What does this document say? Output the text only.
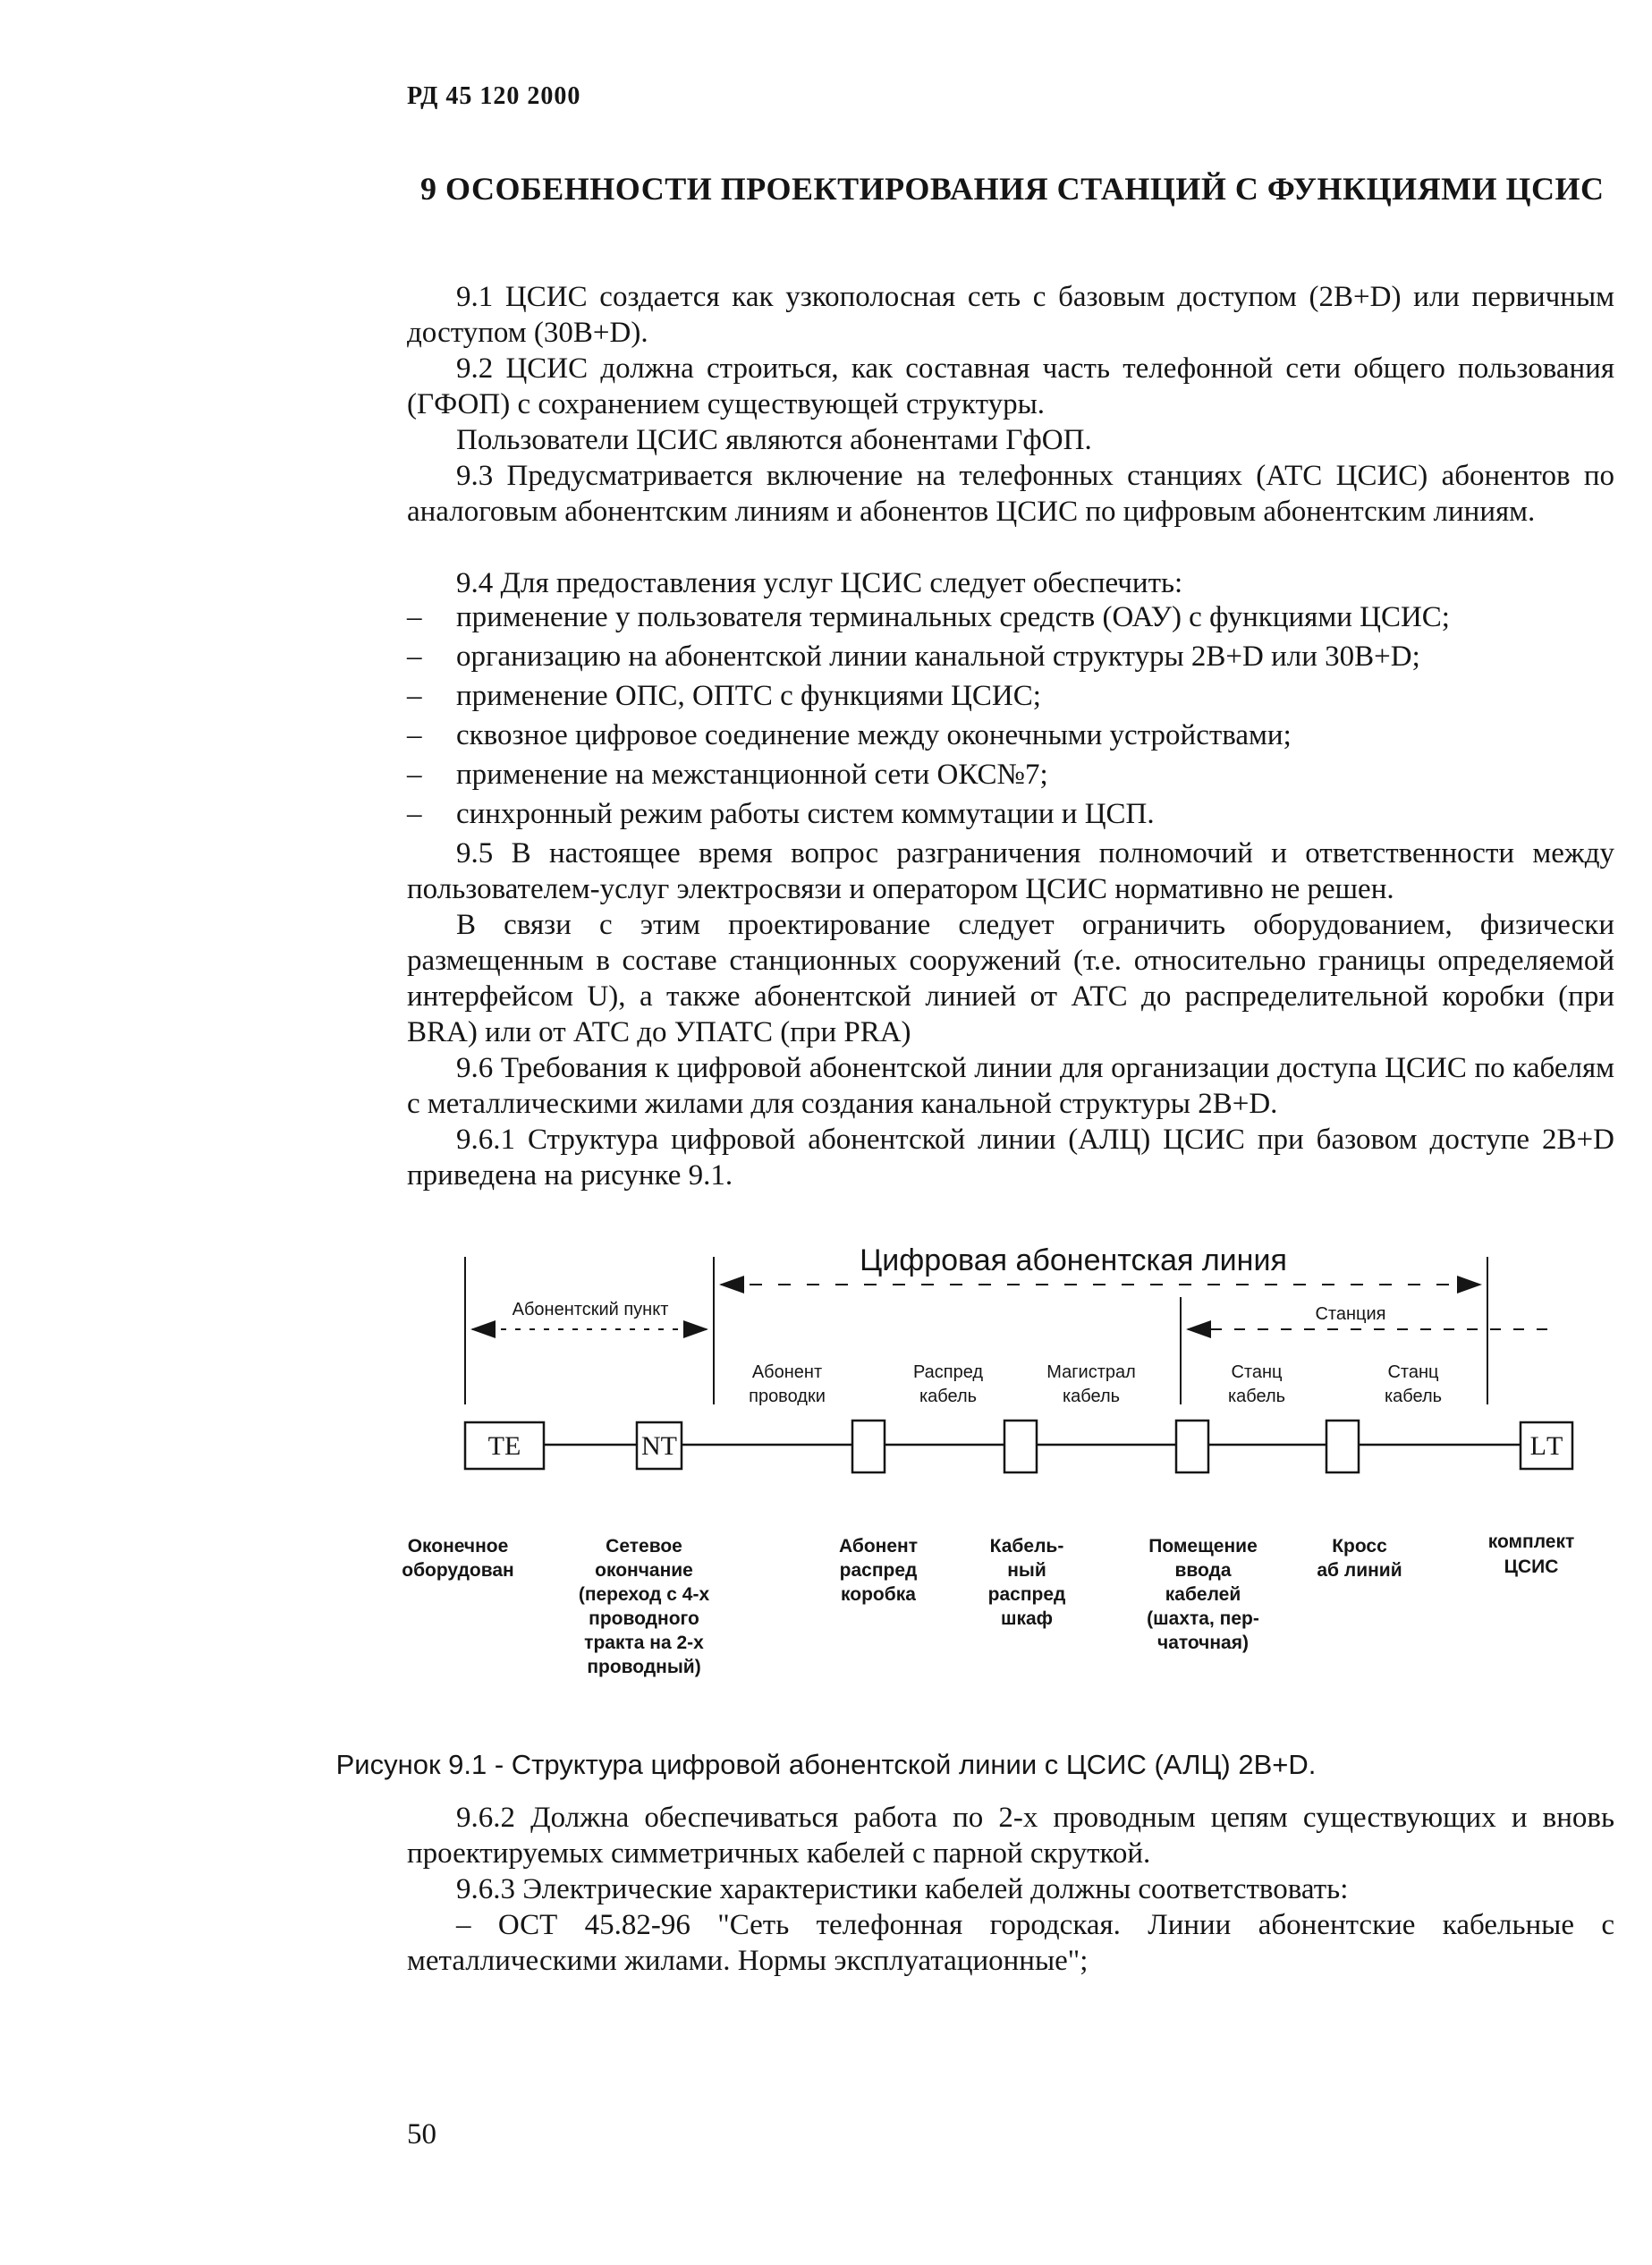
РД 45 120 2000
9 ОСОБЕННОСТИ ПРОЕКТИРОВАНИЯ СТАНЦИЙ С ФУНКЦИЯМИ ЦСИС
9.1 ЦСИС создается как узкополосная сеть с базовым доступом (2B+D) или первичным доступом (30B+D).
9.2 ЦСИС должна строиться, как составная часть телефонной сети общего пользования (ГФОП) с сохранением существующей структуры.
Пользователи ЦСИС являются абонентами ГфОП.
9.3 Предусматривается включение на телефонных станциях (АТС ЦСИС) абонентов по аналоговым абонентским линиям и абонентов ЦСИС по цифровым абонентским линиям.
9.4 Для предоставления услуг ЦСИС следует обеспечить:
– применение у пользователя терминальных средств (ОАУ) с функциями ЦСИС;
– организацию на абонентской линии канальной структуры 2B+D или 30B+D;
– применение ОПС, ОПТС с функциями ЦСИС;
– сквозное цифровое соединение между оконечными устройствами;
– применение на межстанционной сети ОКС№7;
– синхронный режим работы систем коммутации и ЦСП.
9.5 В настоящее время вопрос разграничения полномочий и ответственности между пользователем-услуг электросвязи и оператором ЦСИС нормативно не решен.
В связи с этим проектирование следует ограничить оборудованием, физически размещенным в составе станционных сооружений (т.е. относительно границы определяемой интерфейсом U), а также абонентской линией от АТС до распределительной коробки (при BRA) или от АТС до УПАТС (при PRA)
9.6 Требования к цифровой абонентской линии для организации доступа ЦСИС по кабелям с металлическими жилами для создания канальной структуры 2B+D.
9.6.1 Структура цифровой абонентской линии (АЛЦ) ЦСИС при базовом доступе 2B+D приведена на рисунке 9.1.
Цифровая абонентская линия
Абонентский пункт	Станция
Абонент
проводки
Распред
кабель
Магистрал
кабель
Станц
кабель
Станц
кабель
ТЕ	NТ	LТ
Оконечное
оборудован
Сетевое
окончание
(переход с 4-х
проводного
тракта на 2-х
проводный)
Абонент
распред
коробка
Кабель-
ный
распред
шкаф
Помещение
ввода
кабелей
(шахта, пер-
чаточная)
Кросс
аб линий
комплект
ЦСИС
Рисунок 9.1 - Структура цифровой абонентской линии с ЦСИС (АЛЦ) 2B+D.
9.6.2 Должна обеспечиваться работа по 2-х проводным цепям существующих и вновь проектируемых симметричных кабелей с парной скруткой.
9.6.3 Электрические характеристики кабелей должны соответствовать:
– ОСТ 45.82-96 "Сеть телефонная городская. Линии абонентские кабельные с металлическими жилами. Нормы эксплуатационные";
50
